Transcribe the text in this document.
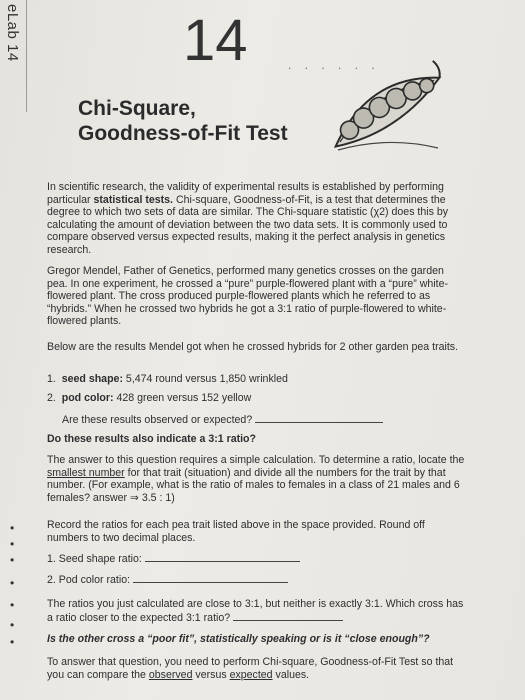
eLab 14	14	. . . . . .
Chi-Square,
Goodness-of-Fit Test
In scientific research, the validity of experimental results is established by performing particular statistical tests. Chi-square, Goodness-of-Fit, is a test that determines the degree to which two sets of data are similar. The Chi-square statistic (χ2) does this by calculating the amount of deviation between the two data sets. It is commonly used to compare observed versus expected results, making it the perfect analysis in genetics research.
Gregor Mendel, Father of Genetics, performed many genetics crosses on the garden pea. In one experiment, he crossed a “pure” purple-flowered plant with a “pure” white-flowered plant. The cross produced purple-flowered plants which he referred to as “hybrids.” When he crossed two hybrids he got a 3:1 ratio of purple-flowered to white-flowered plants.
Below are the results Mendel got when he crossed hybrids for 2 other garden pea traits.
1. seed shape: 5,474 round versus 1,850 wrinkled
2. pod color: 428 green versus 152 yellow
Are these results observed or expected?
Do these results also indicate a 3:1 ratio?
The answer to this question requires a simple calculation. To determine a ratio, locate the smallest number for that trait (situation) and divide all the numbers for the trait by that number. (For example, what is the ratio of males to females in a class of 21 males and 6 females? answer ⇒ 3.5 : 1)
Record the ratios for each pea trait listed above in the space provided. Round off numbers to two decimal places.
1. Seed shape ratio:
2. Pod color ratio:
The ratios you just calculated are close to 3:1, but neither is exactly 3:1. Which cross has a ratio closer to the expected 3:1 ratio?
Is the other cross a “poor fit”, statistically speaking or is it “close enough”?
To answer that question, you need to perform Chi-square, Goodness-of-Fit Test so that you can compare the observed versus expected values.
•
•
•
•
•
•
•
